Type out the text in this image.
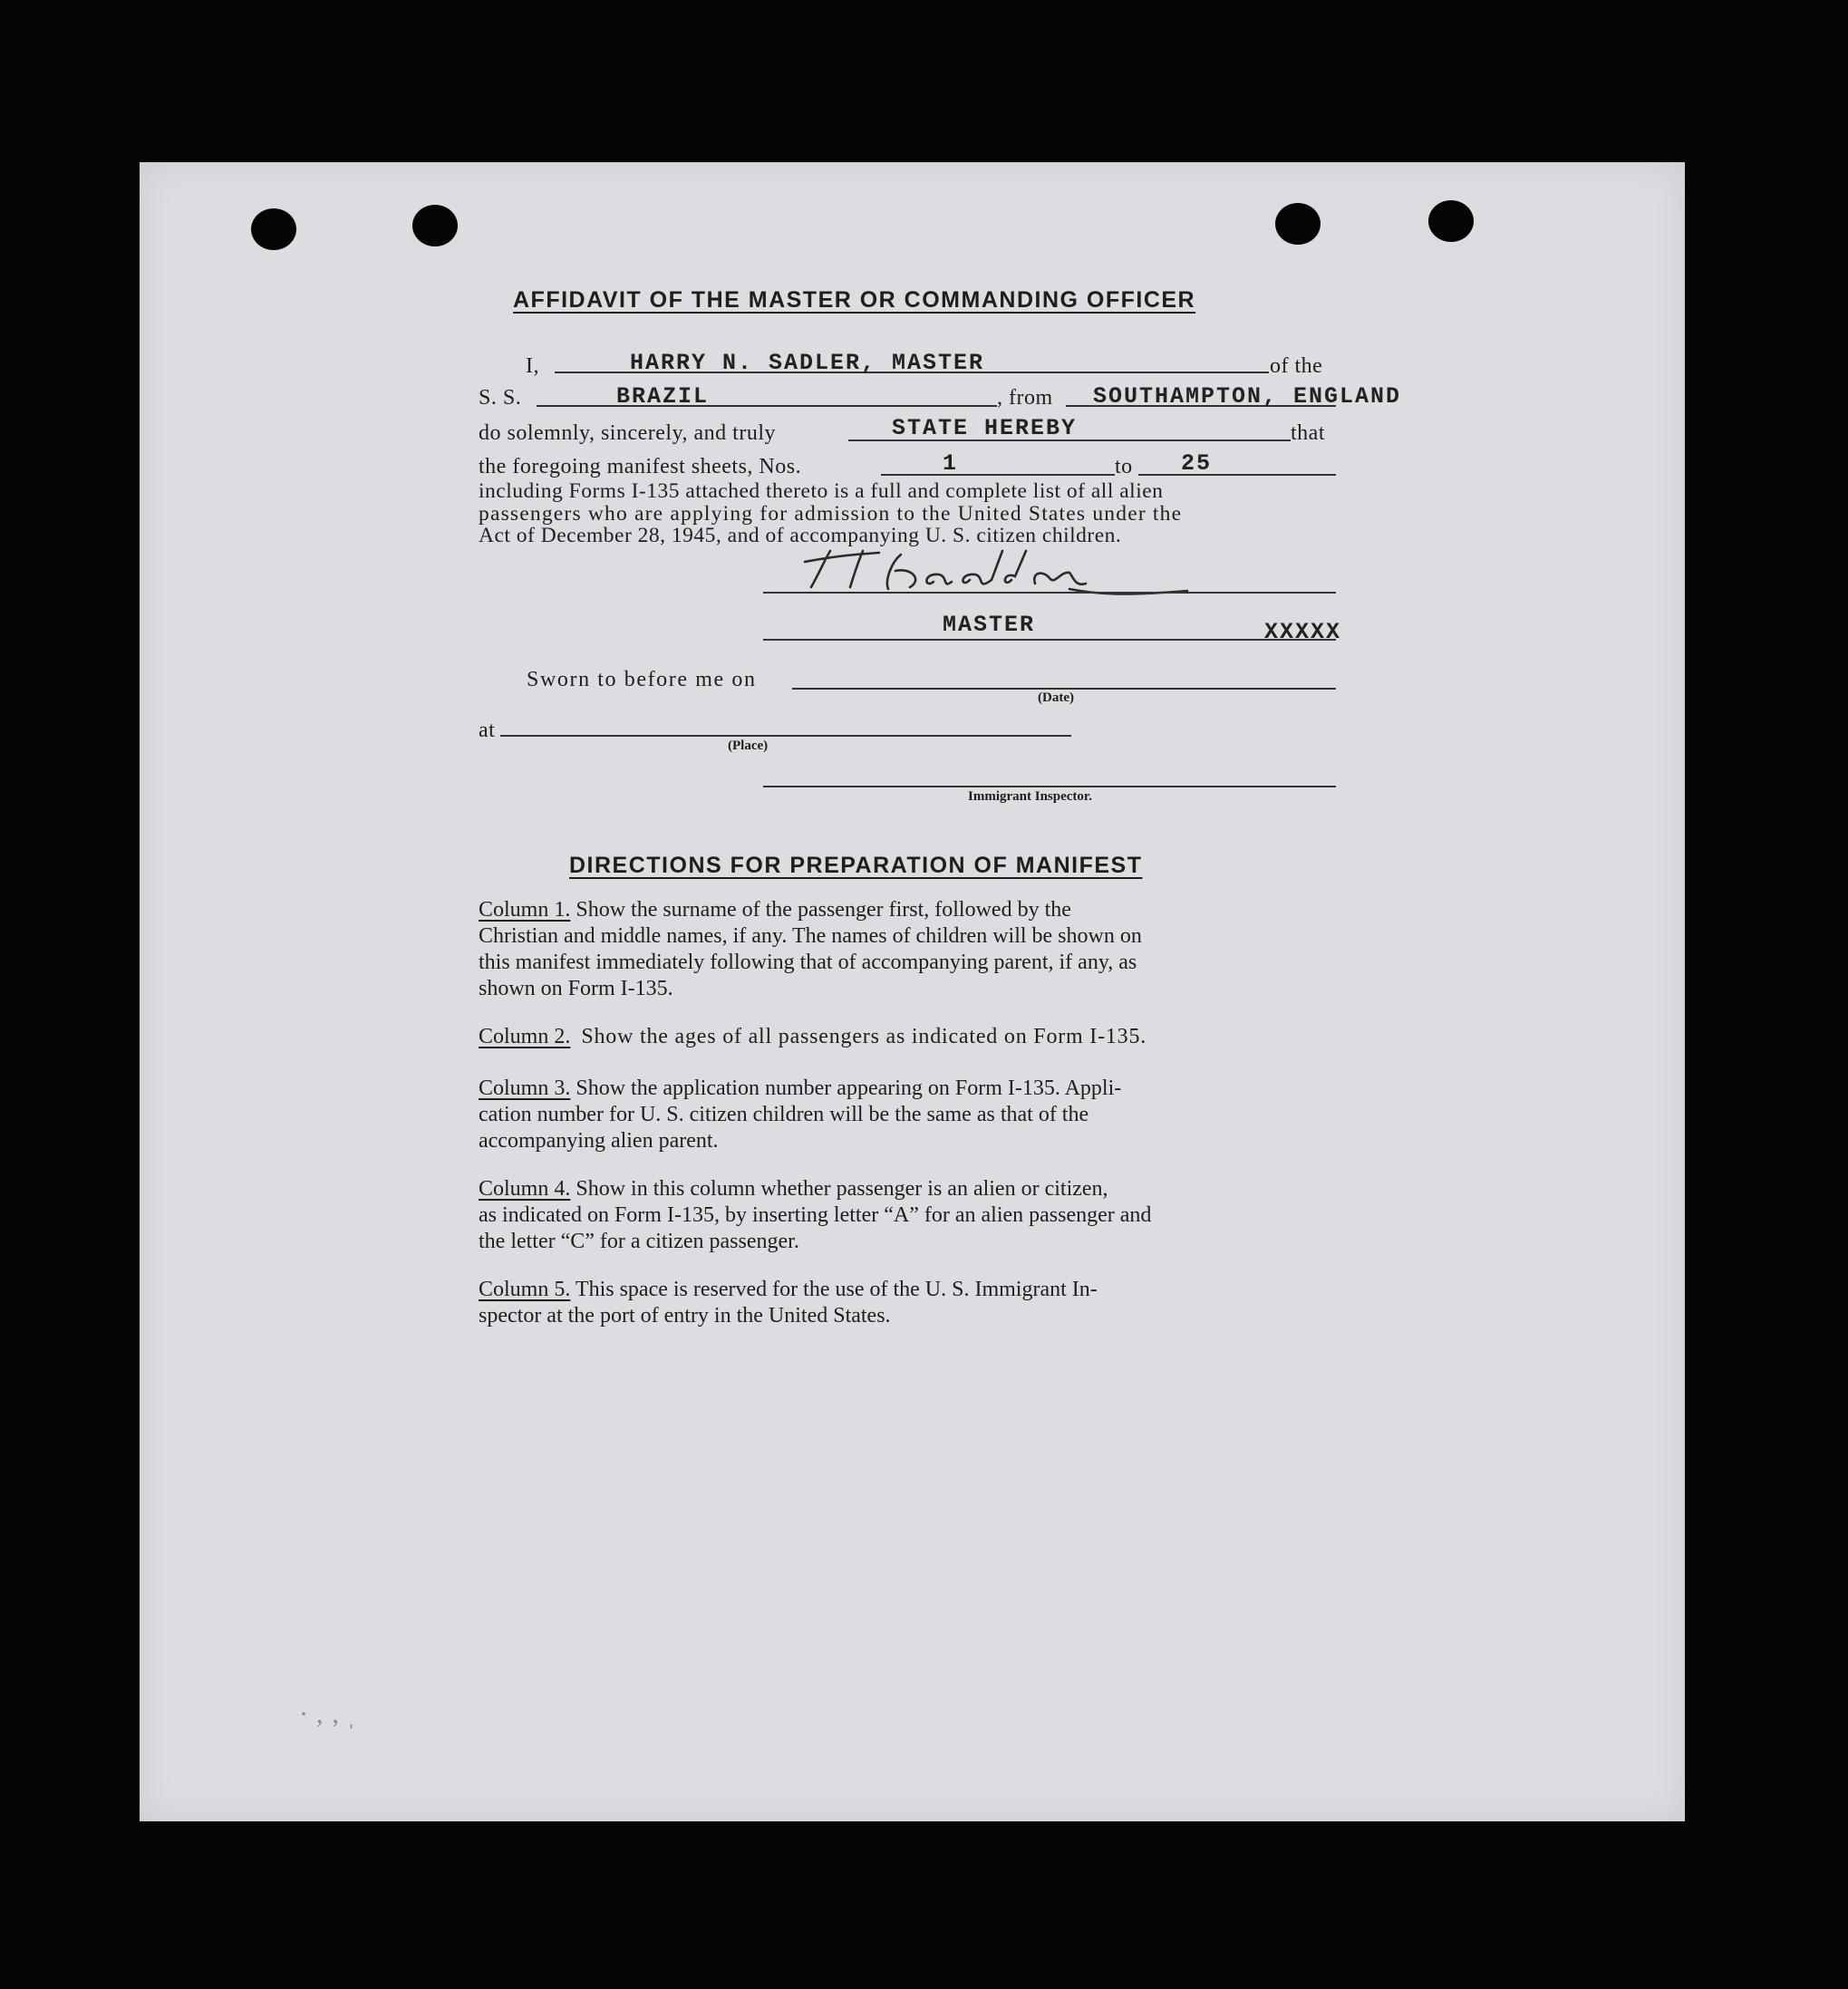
AFFIDAVIT OF THE MASTER OR COMMANDING OFFICER
I,	HARRY N. SADLER, MASTER	of the
S. S.	BRAZIL	, from SOUTHAMPTON, ENGLAND
do solemnly, sincerely, and truly	STATE HEREBY	that
the foregoing manifest sheets, Nos.	1	to 25
including Forms I-135 attached thereto is a full and complete list of all alien
passengers who are applying for admission to the United States under the
Act of December 28, 1945, and of accompanying U. S. citizen children.
MASTER	XXXXX
Sworn to before me on
(Date)
at
(Place)
Immigrant Inspector.
DIRECTIONS FOR PREPARATION OF MANIFEST
Column 1. Show the surname of the passenger first, followed by the
Christian and middle names, if any. The names of children will be shown on
this manifest immediately following that of accompanying parent, if any, as
shown on Form I-135.
Column 2. Show the ages of all passengers as indicated on Form I-135.
Column 3. Show the application number appearing on Form I-135. Appli-
cation number for U. S. citizen children will be the same as that of the
accompanying alien parent.
Column 4. Show in this column whether passenger is an alien or citizen,
as indicated on Form I-135, by inserting letter “A” for an alien passenger and
the letter “C” for a citizen passenger.
Column 5. This space is reserved for the use of the U. S. Immigrant In-
spector at the port of entry in the United States.
· ‚ ‚ ˌ
